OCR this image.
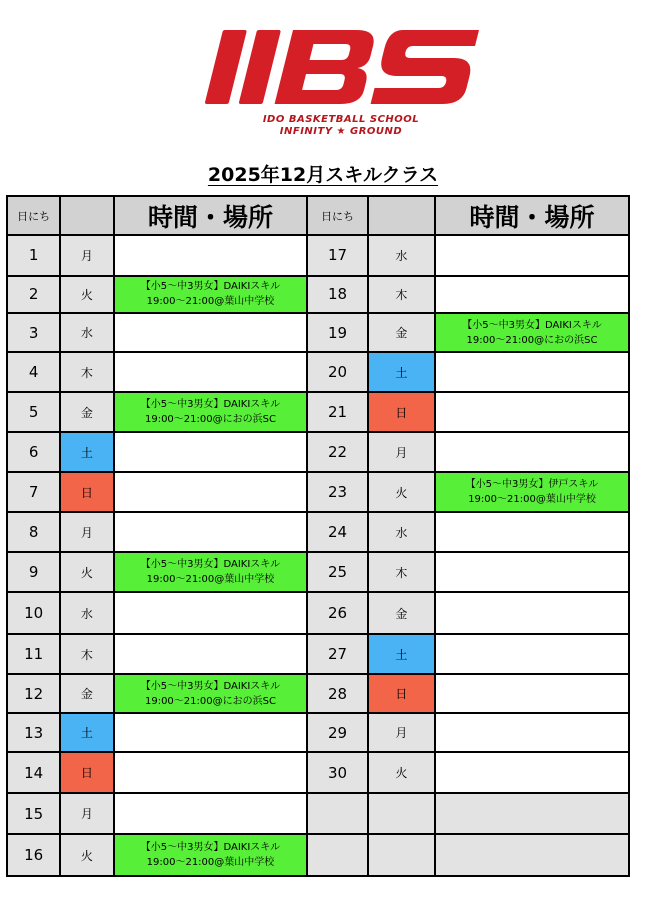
IDO BASKETBALL SCHOOL
INFINITY ★ GROUND
2025年12月スキルクラス
日にち		時間・場所	日にち		時間・場所
1	月		17	水	
2	火	【小5〜中3男女】DAIKIスキル
19:00〜21:00@葉山中学校	18	木	
3	水		19	金	【小5〜中3男女】DAIKIスキル
19:00〜21:00@におの浜SC

4	木		20	土	
5	金	【小5〜中3男女】DAIKIスキル
19:00〜21:00@におの浜SC	21	日	
6	土		22	月	
7	日		23	火	【小5〜中3男女】伊戸スキル
19:00〜21:00@葉山中学校

8	月		24	水	
9	火	【小5〜中3男女】DAIKIスキル
19:00〜21:00@葉山中学校	25	木	
10	水		26	金	
11	木		27	土	
12	金	【小5〜中3男女】DAIKIスキル
19:00〜21:00@におの浜SC	28	日	
13	土		29	月	
14	日		30	火	
15	月				
16	火	【小5〜中3男女】DAIKIスキル
19:00〜21:00@葉山中学校			
